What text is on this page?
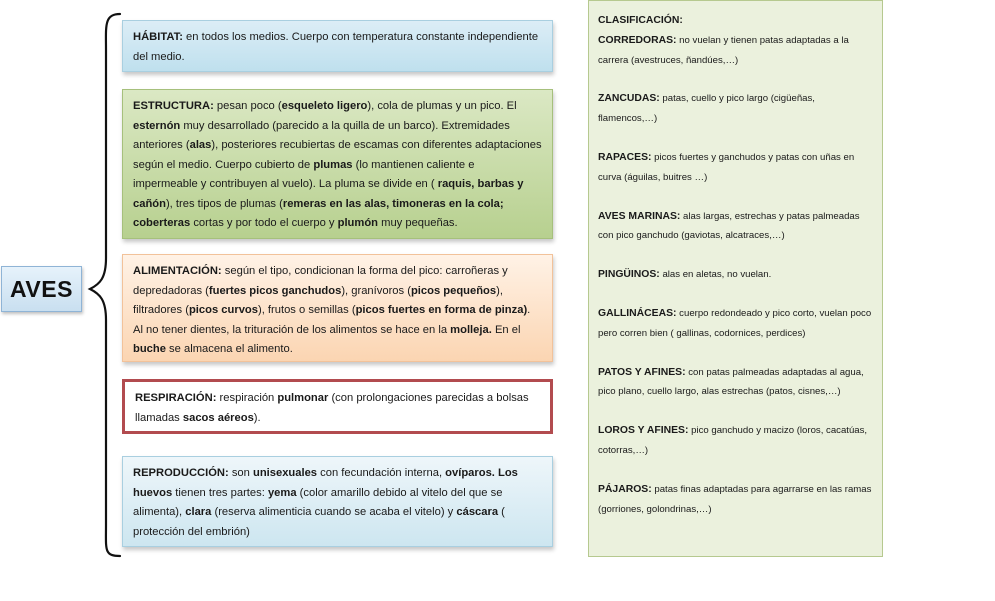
AVES
HÁBITAT: en todos los medios. Cuerpo con temperatura constante independiente del medio.
ESTRUCTURA: pesan poco (esqueleto ligero), cola de plumas y un pico. El esternón muy desarrollado (parecido a la quilla de un barco). Extremidades anteriores (alas), posteriores recubiertas de escamas con diferentes adaptaciones según el medio. Cuerpo cubierto de plumas (lo mantienen caliente e impermeable y contribuyen al vuelo). La pluma se divide en ( raquis, barbas y cañón), tres tipos de plumas (remeras en las alas, timoneras en la cola; coberteras cortas y por todo el cuerpo y plumón muy pequeñas.
ALIMENTACIÓN: según el tipo, condicionan la forma del pico: carroñeras y depredadoras (fuertes picos ganchudos), granívoros (picos pequeños), filtradores (picos curvos), frutos o semillas (picos fuertes en forma de pinza). Al no tener dientes, la trituración de los alimentos se hace en la molleja. En el buche se almacena el alimento.
RESPIRACIÓN: respiración pulmonar (con prolongaciones parecidas a bolsas llamadas sacos aéreos).
REPRODUCCIÓN: son unisexuales con fecundación interna, ovíparos. Los huevos tienen tres partes: yema (color amarillo debido al vitelo del que se alimenta), clara (reserva alimenticia cuando se acaba el vitelo) y cáscara ( protección del embrión)
CLASIFICACIÓN:
CORREDORAS: no vuelan y tienen patas adaptadas a la carrera (avestruces, ñandúes,…)
ZANCUDAS: patas, cuello y pico largo (cigüeñas, flamencos,…)
RAPACES: picos fuertes y ganchudos y patas con uñas en curva (águilas, buitres …)
AVES MARINAS: alas largas, estrechas y patas palmeadas con pico ganchudo (gaviotas, alcatraces,…)
PINGÜINOS: alas en aletas, no vuelan.
GALLINÁCEAS: cuerpo redondeado y pico corto, vuelan poco pero corren bien ( gallinas, codornices, perdices)
PATOS Y AFINES: con patas palmeadas adaptadas al agua, pico plano, cuello largo, alas estrechas (patos, cisnes,…)
LOROS Y AFINES: pico ganchudo y macizo (loros, cacatúas, cotorras,…)
PÁJAROS: patas finas adaptadas para agarrarse en las ramas (gorriones, golondrinas,…)
